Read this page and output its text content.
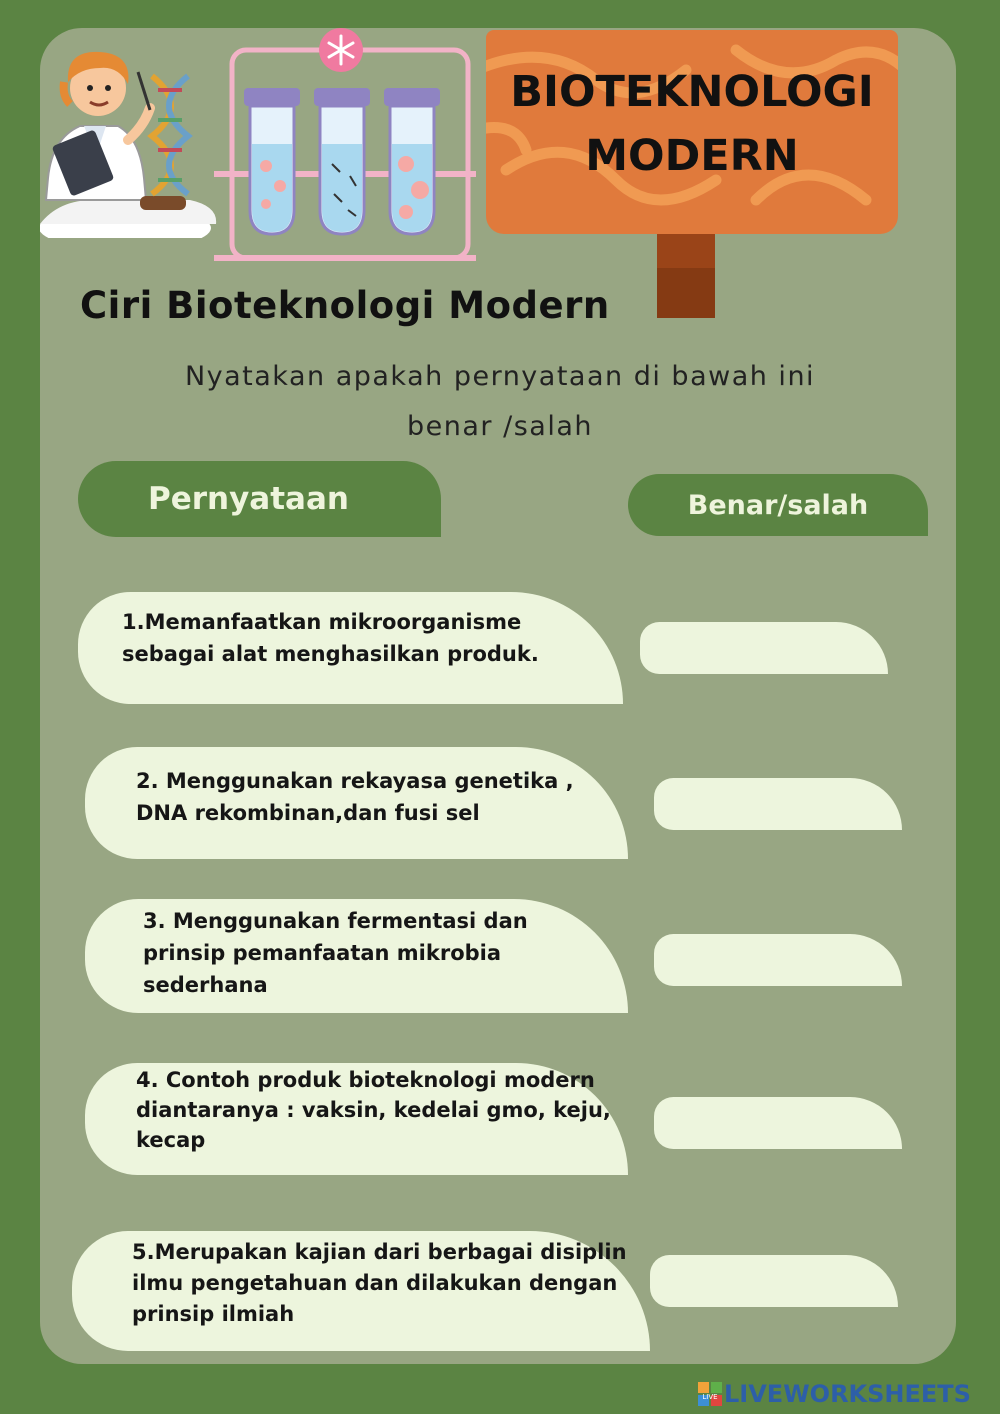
BIOTEKNOLOGI
MODERN
Ciri Bioteknologi Modern
Nyatakan apakah pernyataan di bawah ini
benar /salah
Pernyataan	Benar/salah
1.Memanfaatkan mikroorganisme
sebagai alat menghasilkan produk.
2. Menggunakan rekayasa genetika ,
DNA rekombinan,dan fusi sel
3. Menggunakan fermentasi dan
prinsip pemanfaatan mikrobia
sederhana
4. Contoh produk bioteknologi modern
diantaranya : vaksin, kedelai gmo, keju,
kecap
5.Merupakan kajian dari berbagai disiplin
ilmu pengetahuan dan dilakukan dengan
prinsip ilmiah
LIVE LIVEWORKSHEETS
